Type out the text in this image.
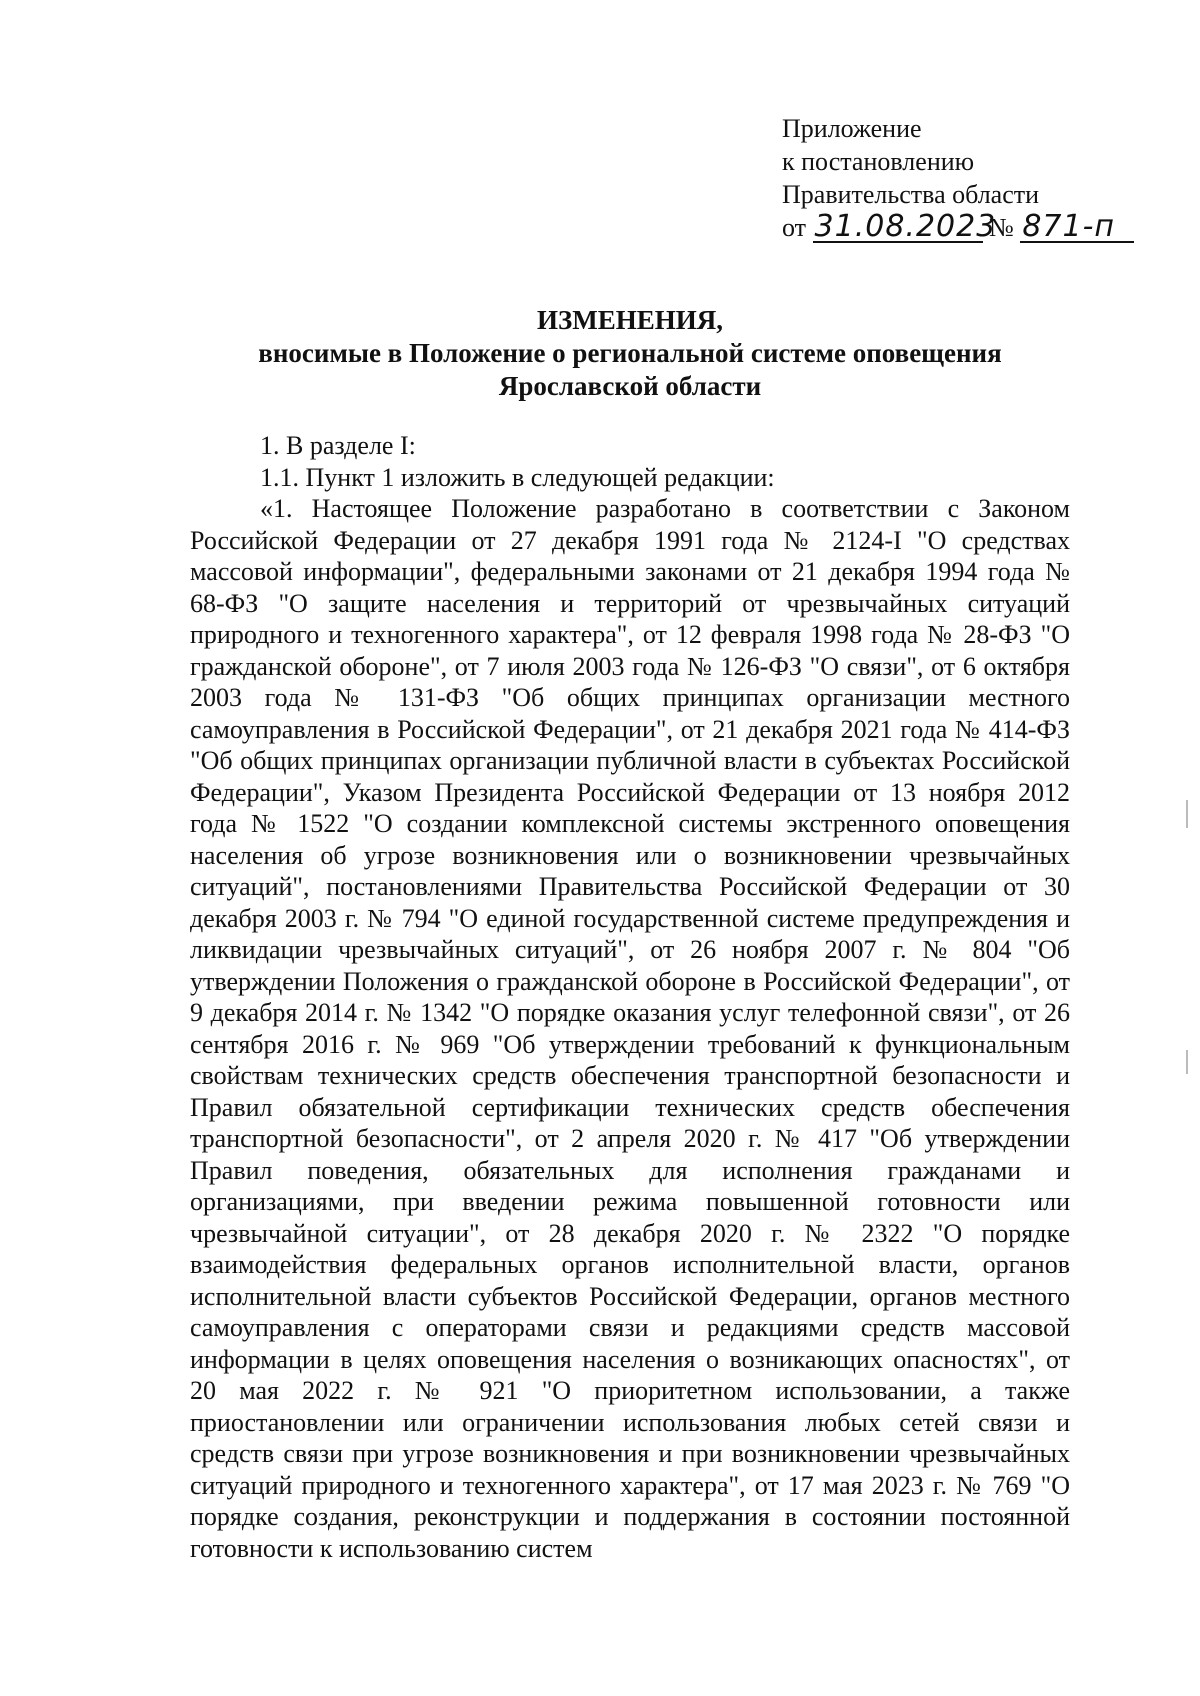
Приложение
к постановлению
Правительства области
от 31.08.2023 № 871-п
ИЗМЕНЕНИЯ,
вносимые в Положение о региональной системе оповещения
Ярославской области
1. В разделе I:
1.1. Пункт 1 изложить в следующей редакции:
«1. Настоящее Положение разработано в соответствии с Законом Российской Федерации от 27 декабря 1991 года № 2124-I "О средствах массовой информации", федеральными законами от 21 декабря 1994 года № 68-ФЗ "О защите населения и территорий от чрезвычайных ситуаций природного и техногенного характера", от 12 февраля 1998 года № 28-ФЗ "О гражданской обороне", от 7 июля 2003 года № 126-ФЗ "О связи", от 6 октября 2003 года № 131-ФЗ "Об общих принципах организации местного самоуправления в Российской Федерации", от 21 декабря 2021 года № 414-ФЗ "Об общих принципах организации публичной власти в субъектах Российской Федерации", Указом Президента Российской Федерации от 13 ноября 2012 года № 1522 "О создании комплексной системы экстренного оповещения населения об угрозе возникновения или о возникновении чрезвычайных ситуаций", постановлениями Правительства Российской Федерации от 30 декабря 2003 г. № 794 "О единой государственной системе предупреждения и ликвидации чрезвычайных ситуаций", от 26 ноября 2007 г. № 804 "Об утверждении Положения о гражданской обороне в Российской Федерации", от 9 декабря 2014 г. № 1342 "О порядке оказания услуг телефонной связи", от 26 сентября 2016 г. № 969 "Об утверждении требований к функциональным свойствам технических средств обеспечения транспортной безопасности и Правил обязательной сертификации технических средств обеспечения транспортной безопасности", от 2 апреля 2020 г. № 417 "Об утверждении Правил поведения, обязательных для исполнения гражданами и организациями, при введении режима повышенной готовности или чрезвычайной ситуации", от 28 декабря 2020 г. № 2322 "О порядке взаимодействия федеральных органов исполнительной власти, органов исполнительной власти субъектов Российской Федерации, органов местного самоуправления с операторами связи и редакциями средств массовой информации в целях оповещения населения о возникающих опасностях", от 20 мая 2022 г. № 921 "О приоритетном использовании, а также приостановлении или ограничении использования любых сетей связи и средств связи при угрозе возникновения и при возникновении чрезвычайных ситуаций природного и техногенного характера", от 17 мая 2023 г. № 769 "О порядке создания, реконструкции и поддержания в состоянии постоянной готовности к использованию систем
